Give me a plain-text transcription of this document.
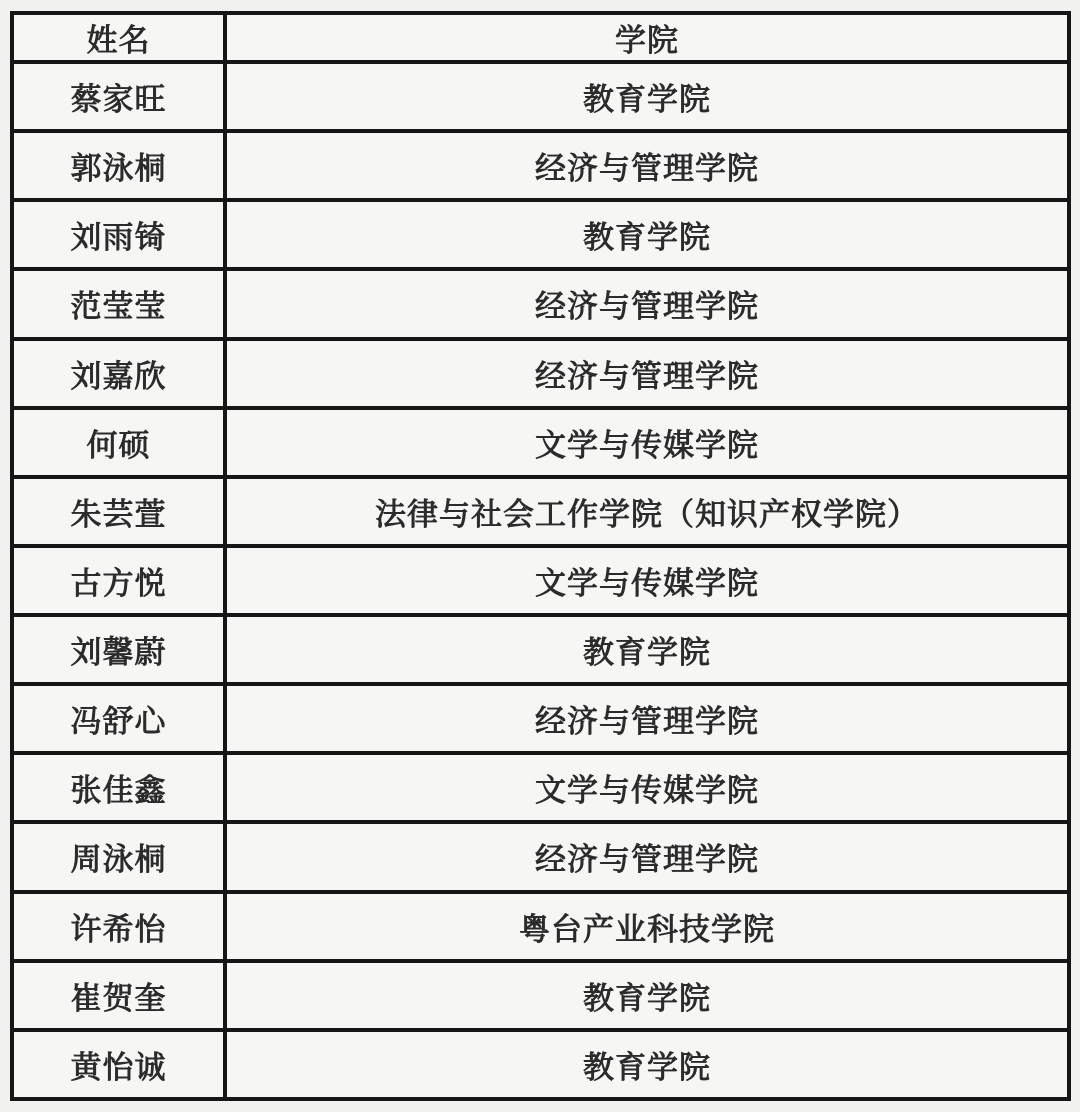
姓名	学院
蔡家旺	教育学院
郭泳桐	经济与管理学院
刘雨锜	教育学院
范莹莹	经济与管理学院
刘嘉欣	经济与管理学院
何硕	文学与传媒学院
朱芸萱	法律与社会工作学院（知识产权学院）
古方悦	文学与传媒学院
刘馨蔚	教育学院
冯舒心	经济与管理学院
张佳鑫	文学与传媒学院
周泳桐	经济与管理学院
许希怡	粤台产业科技学院
崔贺奎	教育学院
黄怡诚	教育学院
